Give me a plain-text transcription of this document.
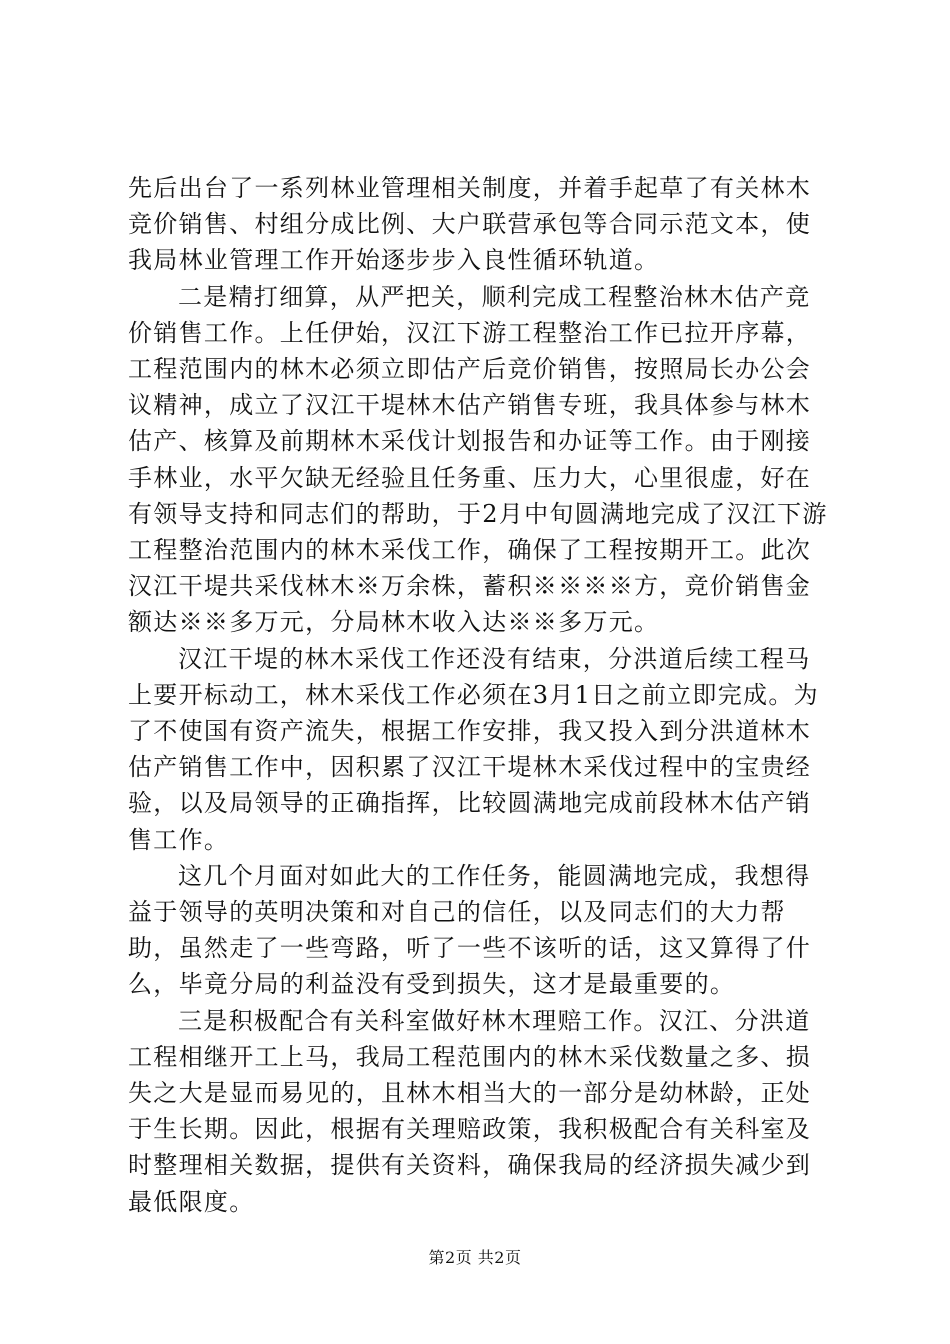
先后出台了一系列林业管理相关制度，并着手起草了有关林木竞价销售、村组分成比例、大户联营承包等合同示范文本，使我局林业管理工作开始逐步步入良性循环轨道。

二是精打细算，从严把关，顺利完成工程整治林木估产竞价销售工作。上任伊始，汉江下游工程整治工作已拉开序幕，工程范围内的林木必须立即估产后竞价销售，按照局长办公会议精神，成立了汉江干堤林木估产销售专班，我具体参与林木估产、核算及前期林木采伐计划报告和办证等工作。由于刚接手林业，水平欠缺无经验且任务重、压力大，心里很虚，好在有领导支持和同志们的帮助，于2月中旬圆满地完成了汉江下游工程整治范围内的林木采伐工作，确保了工程按期开工。此次汉江干堤共采伐林木※万余株，蓄积※※※※方，竞价销售金额达※※多万元，分局林木收入达※※多万元。

汉江干堤的林木采伐工作还没有结束，分洪道后续工程马上要开标动工，林木采伐工作必须在3月1日之前立即完成。为了不使国有资产流失，根据工作安排，我又投入到分洪道林木估产销售工作中，因积累了汉江干堤林木采伐过程中的宝贵经验，以及局领导的正确指挥，比较圆满地完成前段林木估产销售工作。

这几个月面对如此大的工作任务，能圆满地完成，我想得益于领导的英明决策和对自己的信任，以及同志们的大力帮助，虽然走了一些弯路，听了一些不该听的话，这又算得了什么，毕竟分局的利益没有受到损失，这才是最重要的。

三是积极配合有关科室做好林木理赔工作。汉江、分洪道工程相继开工上马，我局工程范围内的林木采伐数量之多、损失之大是显而易见的，且林木相当大的一部分是幼林龄，正处于生长期。因此，根据有关理赔政策，我积极配合有关科室及时整理相关数据，提供有关资料，确保我局的经济损失减少到最低限度。

第2页 共2页
